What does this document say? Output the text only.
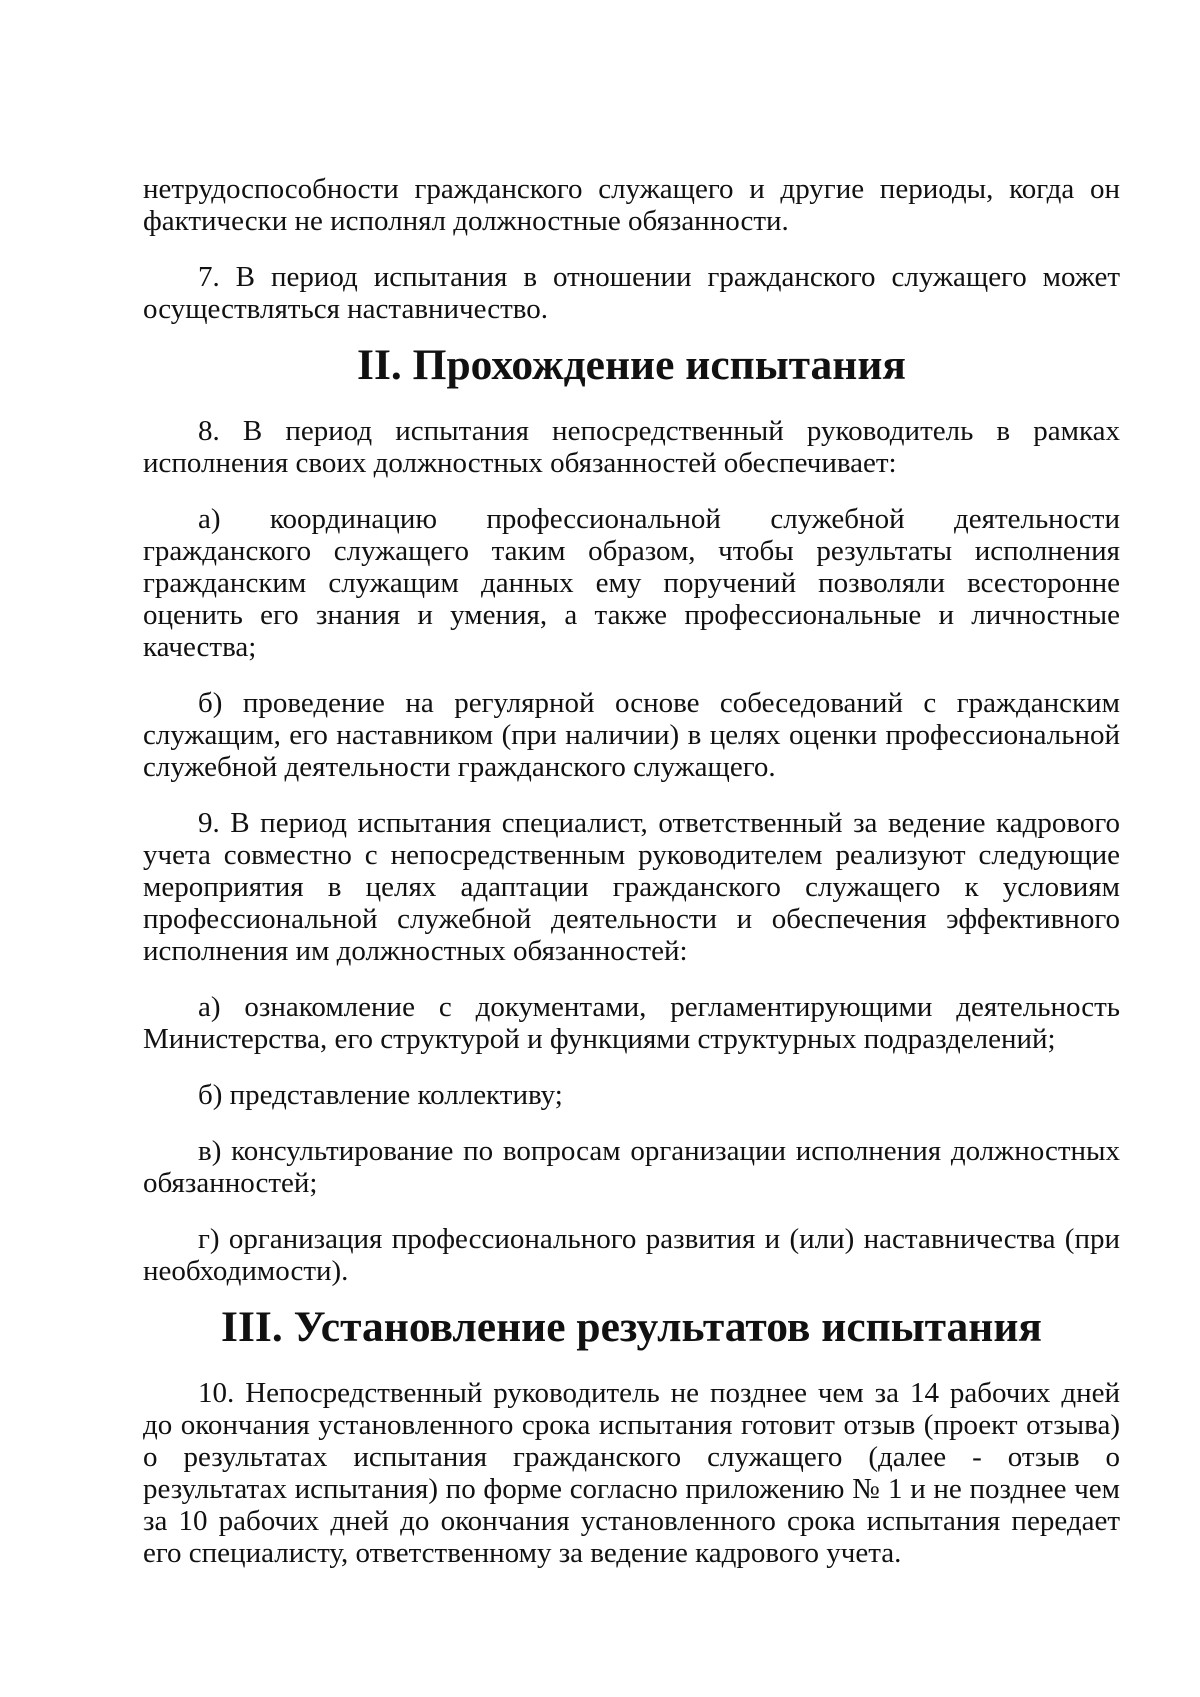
нетрудоспособности гражданского служащего и другие периоды, когда он фактически не исполнял должностные обязанности.

7. В период испытания в отношении гражданского служащего может осуществляться наставничество.

II. Прохождение испытания

8. В период испытания непосредственный руководитель в рамках исполнения своих должностных обязанностей обеспечивает:

а) координацию профессиональной служебной деятельности гражданского служащего таким образом, чтобы результаты исполнения гражданским служащим данных ему поручений позволяли всесторонне оценить его знания и умения, а также профессиональные и личностные качества;

б) проведение на регулярной основе собеседований с гражданским служащим, его наставником (при наличии) в целях оценки профессиональной служебной деятельности гражданского служащего.

9. В период испытания специалист, ответственный за ведение кадрового учета совместно с непосредственным руководителем реализуют следующие мероприятия в целях адаптации гражданского служащего к условиям профессиональной служебной деятельности и обеспечения эффективного исполнения им должностных обязанностей:

а) ознакомление с документами, регламентирующими деятельность Министерства, его структурой и функциями структурных подразделений;

б) представление коллективу;

в) консультирование по вопросам организации исполнения должностных обязанностей;

г) организация профессионального развития и (или) наставничества (при необходимости).

III. Установление результатов испытания

10. Непосредственный руководитель не позднее чем за 14 рабочих дней до окончания установленного срока испытания готовит отзыв (проект отзыва) о результатах испытания гражданского служащего (далее - отзыв о результатах испытания) по форме согласно приложению № 1 и не позднее чем за 10 рабочих дней до окончания установленного срока испытания передает его специалисту, ответственному за ведение кадрового учета.
